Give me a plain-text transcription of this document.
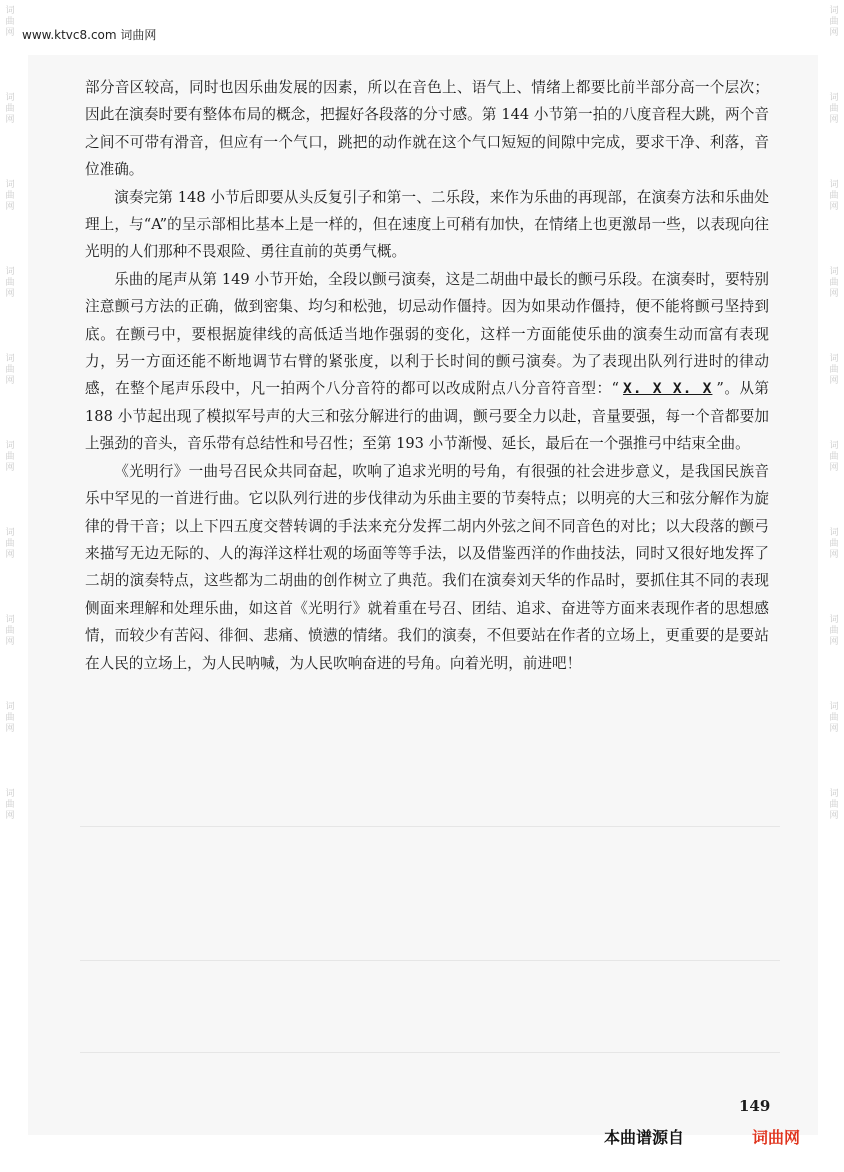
词
曲
网
词
曲
网
词
曲
网
词
曲
网
词
曲
网
词
曲
网
词
曲
网
词
曲
网
词
曲
网
词
曲
网
词
曲
网
词
曲
网
词
曲
网
词
曲
网
词
曲
网
词
曲
网
词
曲
网
词
曲
网
词
曲
网
词
曲
网
www.ktvc8.com 词曲网

部分音区较高，同时也因乐曲发展的因素，所以在音色上、语气上、情绪上都要比前半部分高一个层次；因此在演奏时要有整体布局的概念，把握好各段落的分寸感。第 144 小节第一拍的八度音程大跳，两个音之间不可带有滑音，但应有一个气口，跳把的动作就在这个气口短短的间隙中完成，要求干净、利落，音位准确。

演奏完第 148 小节后即要从头反复引子和第一、二乐段，来作为乐曲的再现部，在演奏方法和乐曲处理上，与“A”的呈示部相比基本上是一样的，但在速度上可稍有加快，在情绪上也更激昂一些，以表现向往光明的人们那种不畏艰险、勇往直前的英勇气概。

乐曲的尾声从第 149 小节开始，全段以颤弓演奏，这是二胡曲中最长的颤弓乐段。在演奏时，要特别注意颤弓方法的正确，做到密集、均匀和松弛，切忌动作僵持。因为如果动作僵持，便不能将颤弓坚持到底。在颤弓中，要根据旋律线的高低适当地作强弱的变化，这样一方面能使乐曲的演奏生动而富有表现力，另一方面还能不断地调节右臂的紧张度，以利于长时间的颤弓演奏。为了表现出队列行进时的律动感，在整个尾声乐段中，凡一拍两个八分音符的都可以改成附点八分音符音型：“ X. X X. X ”。从第 188 小节起出现了模拟军号声的大三和弦分解进行的曲调，颤弓要全力以赴，音量要强，每一个音都要加上强劲的音头，音乐带有总结性和号召性；至第 193 小节渐慢、延长，最后在一个强推弓中结束全曲。

《光明行》一曲号召民众共同奋起，吹响了追求光明的号角，有很强的社会进步意义，是我国民族音乐中罕见的一首进行曲。它以队列行进的步伐律动为乐曲主要的节奏特点；以明亮的大三和弦分解作为旋律的骨干音；以上下四五度交替转调的手法来充分发挥二胡内外弦之间不同音色的对比；以大段落的颤弓来描写无边无际的、人的海洋这样壮观的场面等等手法，以及借鉴西洋的作曲技法，同时又很好地发挥了二胡的演奏特点，这些都为二胡曲的创作树立了典范。我们在演奏刘天华的作品时，要抓住其不同的表现侧面来理解和处理乐曲，如这首《光明行》就着重在号召、团结、追求、奋进等方面来表现作者的思想感情，而较少有苦闷、徘徊、悲痛、愤懑的情绪。我们的演奏，不但要站在作者的立场上，更重要的是要站在人民的立场上，为人民呐喊，为人民吹响奋进的号角。向着光明，前进吧！

149
本曲谱源自	词曲网
